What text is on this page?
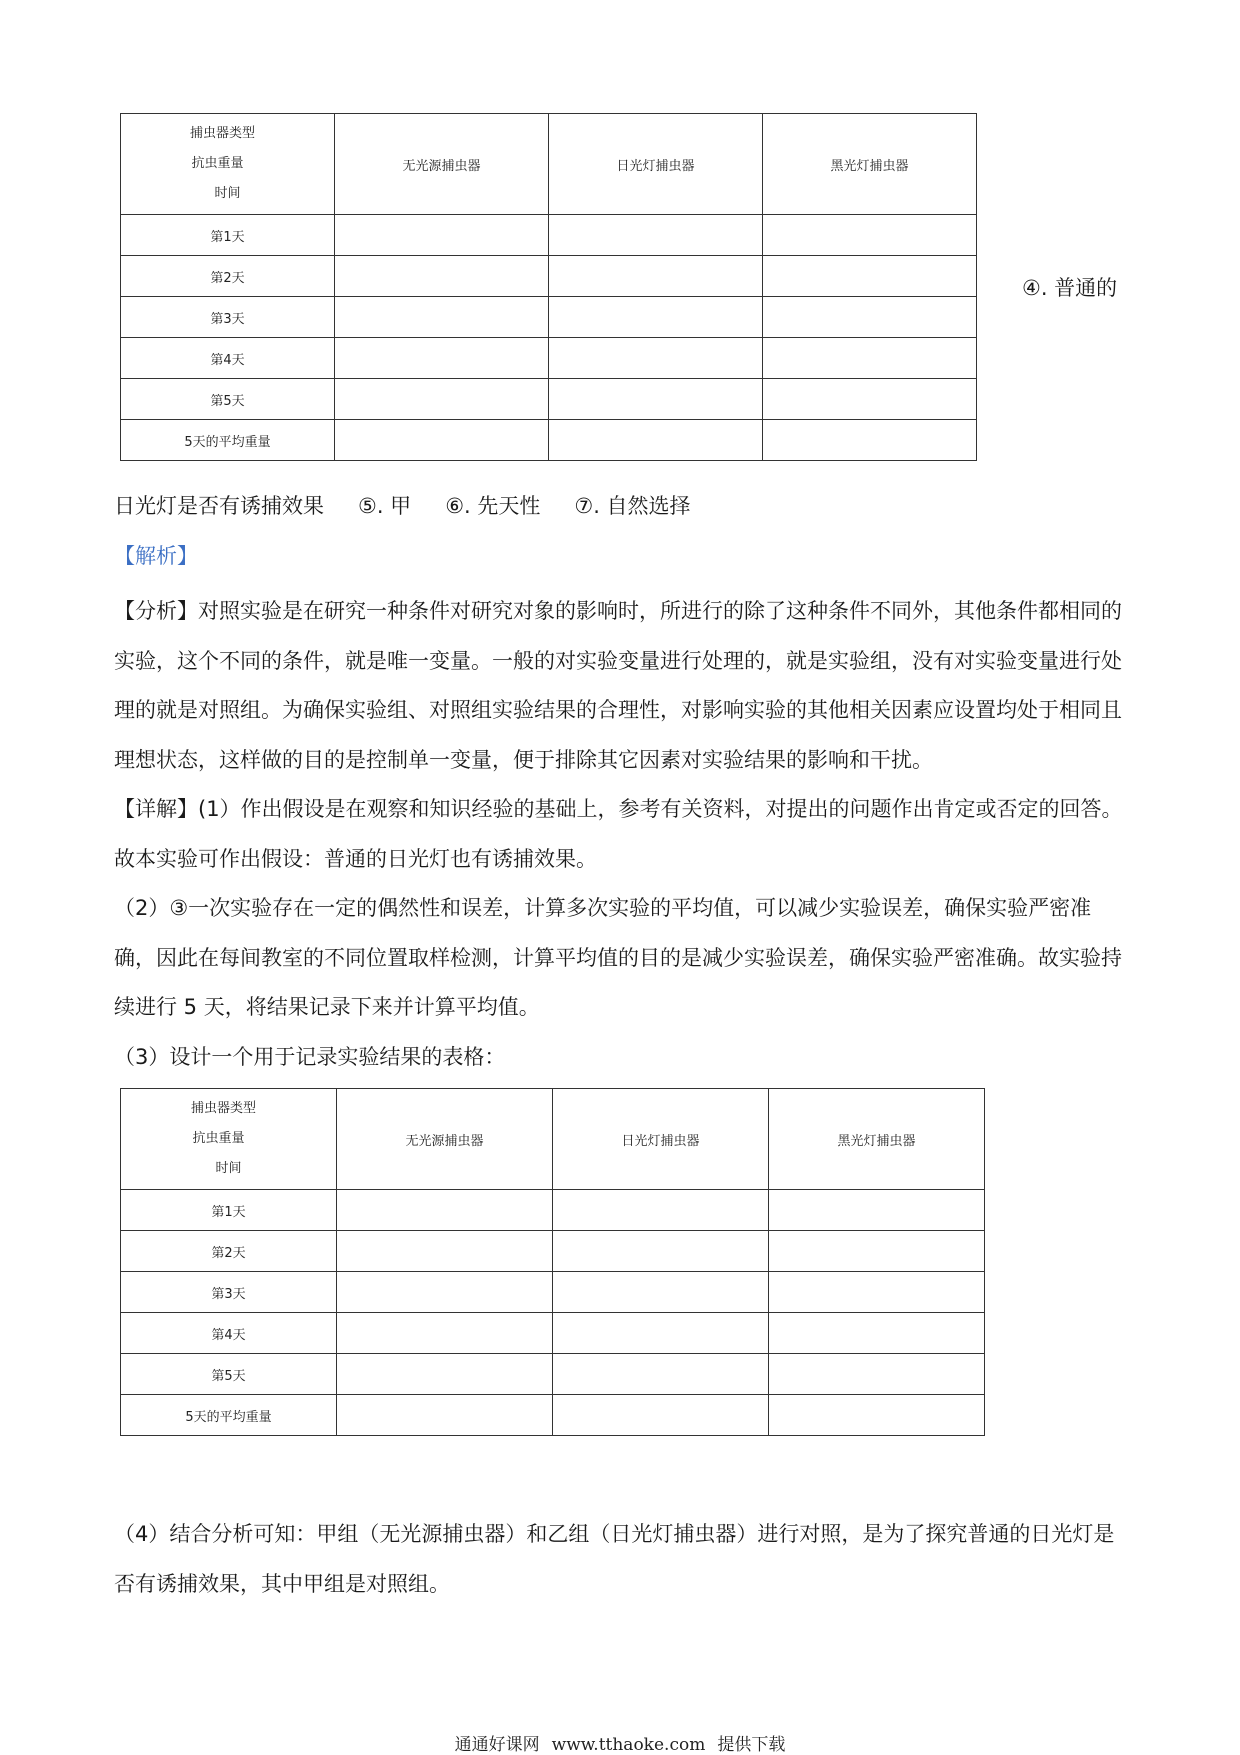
捕虫器类型
抗虫重量
时间	无光源捕虫器	日光灯捕虫器	黑光灯捕虫器
第1天			
第2天			
第3天			
第4天			
第5天			
5天的平均重量			
④. 普通的
日光灯是否有诱捕效果 ⑤. 甲 ⑥. 先天性 ⑦. 自然选择
【解析】

【分析】对照实验是在研究一种条件对研究对象的影响时，所进行的除了这种条件不同外，其他条件都相同的实验，这个不同的条件，就是唯一变量。一般的对实验变量进行处理的，就是实验组，没有对实验变量进行处理的就是对照组。为确保实验组、对照组实验结果的合理性，对影响实验的其他相关因素应设置均处于相同且理想状态，这样做的目的是控制单一变量，便于排除其它因素对实验结果的影响和干扰。

【详解】(1）作出假设是在观察和知识经验的基础上，参考有关资料，对提出的问题作出肯定或否定的回答。故本实验可作出假设：普通的日光灯也有诱捕效果。

（2）③一次实验存在一定的偶然性和误差，计算多次实验的平均值，可以减少实验误差，确保实验严密准确，因此在每间教室的不同位置取样检测，计算平均值的目的是减少实验误差，确保实验严密准确。故实验持续进行 5 天，将结果记录下来并计算平均值。

（3）设计一个用于记录实验结果的表格：

捕虫器类型
抗虫重量
时间	无光源捕虫器	日光灯捕虫器	黑光灯捕虫器
第1天			
第2天			
第3天			
第4天			
第5天			
5天的平均重量			

（4）结合分析可知：甲组（无光源捕虫器）和乙组（日光灯捕虫器）进行对照，是为了探究普通的日光灯是否有诱捕效果，其中甲组是对照组。

通通好课网 www.tthaoke.com 提供下载
